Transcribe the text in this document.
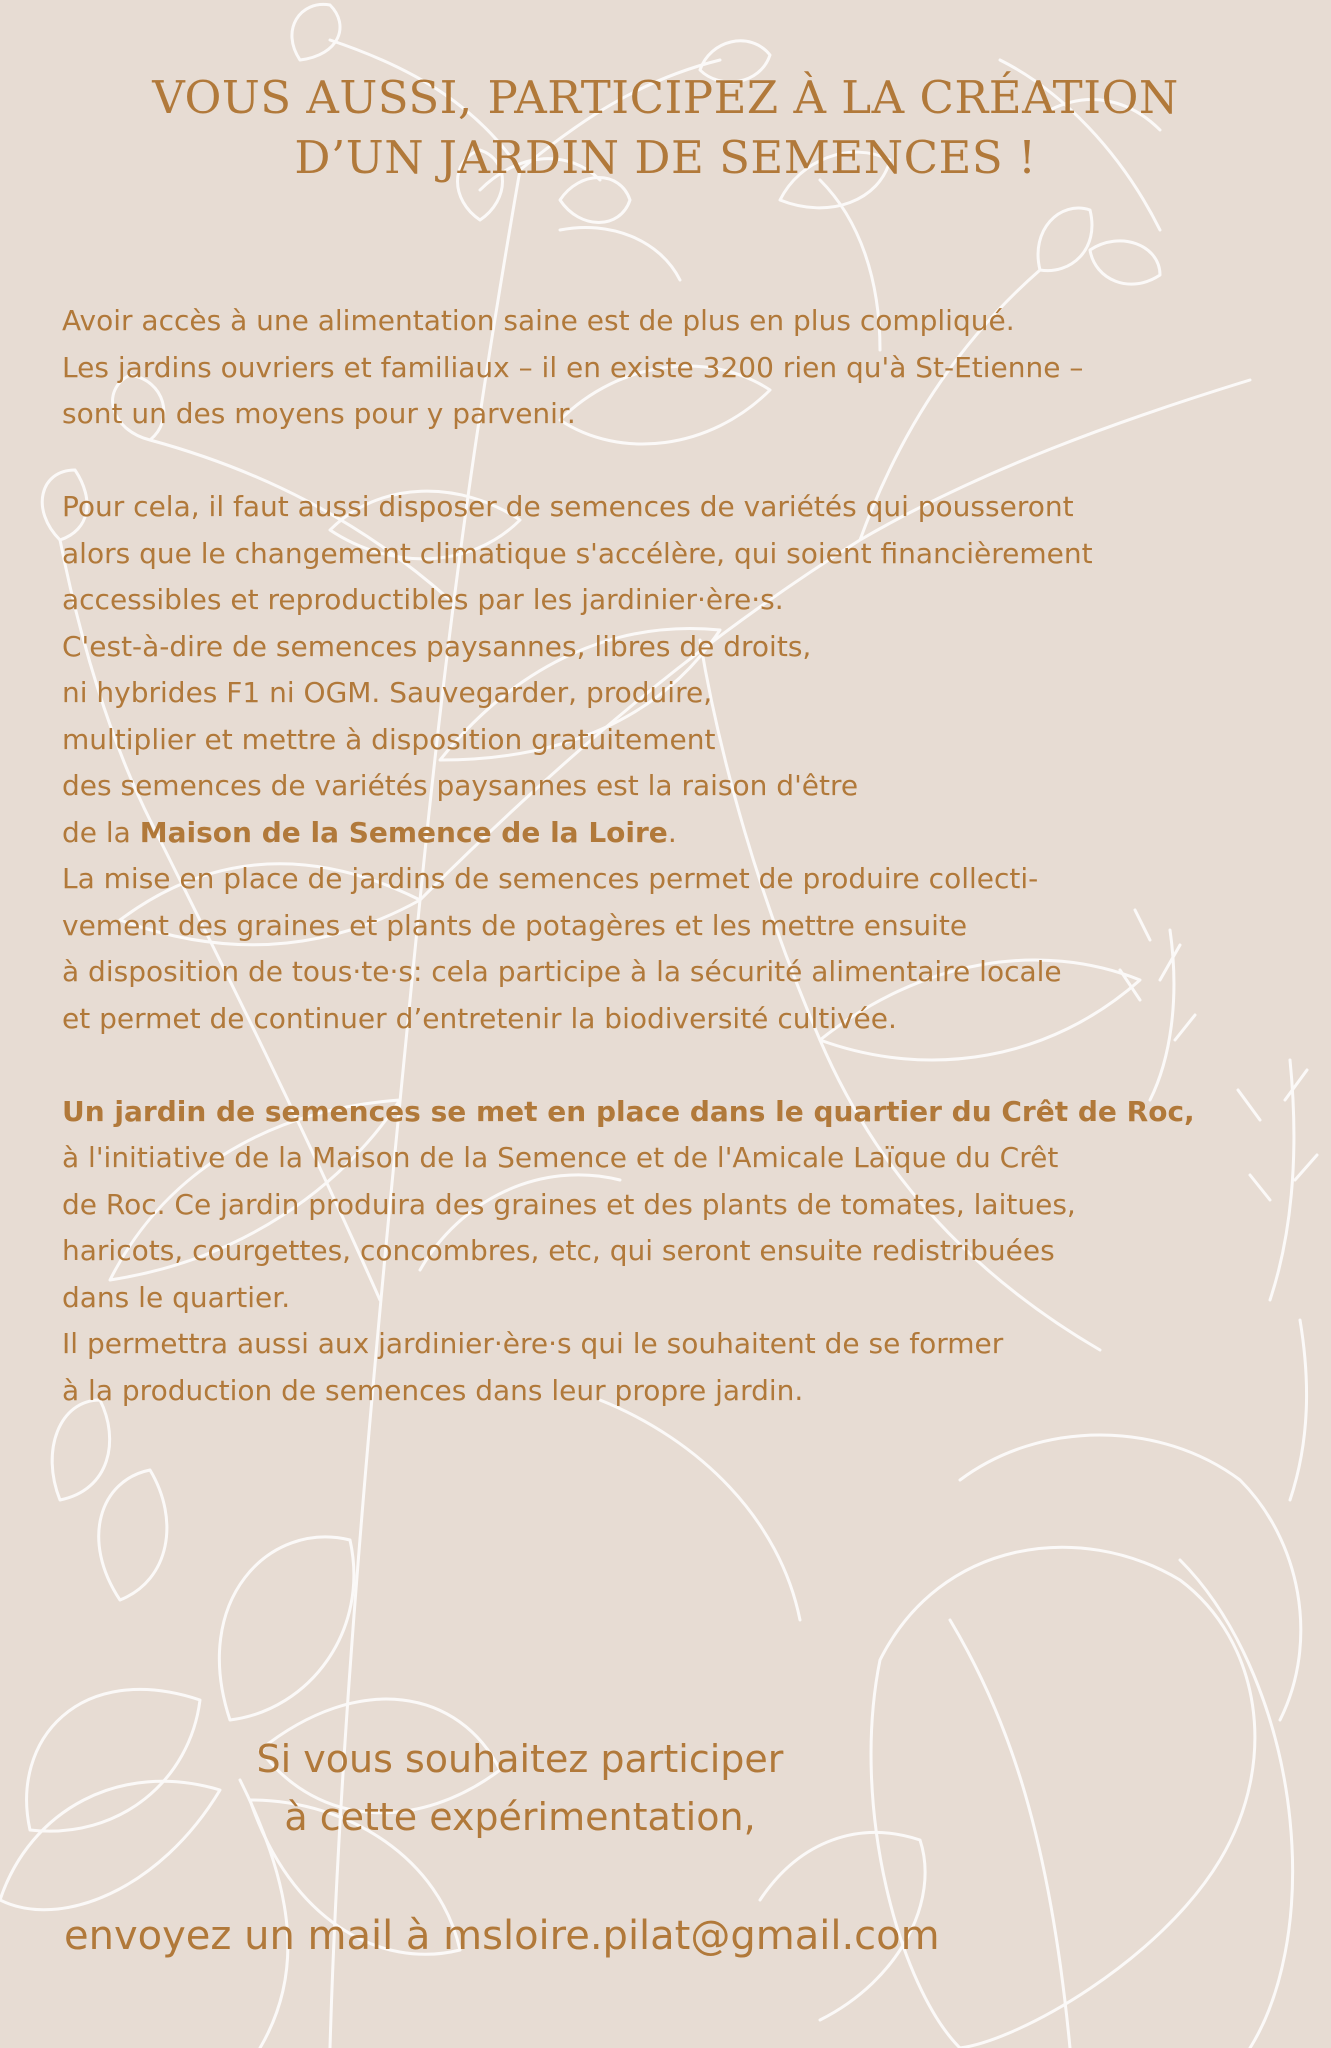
VOUS AUSSI, PARTICIPEZ À LA CRÉATION
D’UN JARDIN DE SEMENCES !
Avoir accès à une alimentation saine est de plus en plus compliqué.
Les jardins ouvriers et familiaux – il en existe 3200 rien qu'à St-Etienne –
sont un des moyens pour y parvenir.
Pour cela, il faut aussi disposer de semences de variétés qui pousseront
alors que le changement climatique s'accélère, qui soient financièrement
accessibles et reproductibles par les jardinier·ère·s.
C'est-à-dire de semences paysannes, libres de droits,
ni hybrides F1 ni OGM. Sauvegarder, produire,
multiplier et mettre à disposition gratuitement
des semences de variétés paysannes est la raison d'être
de la Maison de la Semence de la Loire.
La mise en place de jardins de semences permet de produire collecti-
vement des graines et plants de potagères et les mettre ensuite
à disposition de tous·te·s: cela participe à la sécurité alimentaire locale
et permet de continuer d’entretenir la biodiversité cultivée.
Un jardin de semences se met en place dans le quartier du Crêt de Roc,
à l'initiative de la Maison de la Semence et de l'Amicale Laïque du Crêt
de Roc. Ce jardin produira des graines et des plants de tomates, laitues,
haricots, courgettes, concombres, etc, qui seront ensuite redistribuées
dans le quartier.
Il permettra aussi aux jardinier·ère·s qui le souhaitent de se former
à la production de semences dans leur propre jardin.
Si vous souhaitez participer
à cette expérimentation,
envoyez un mail à msloire.pilat@gmail.com
